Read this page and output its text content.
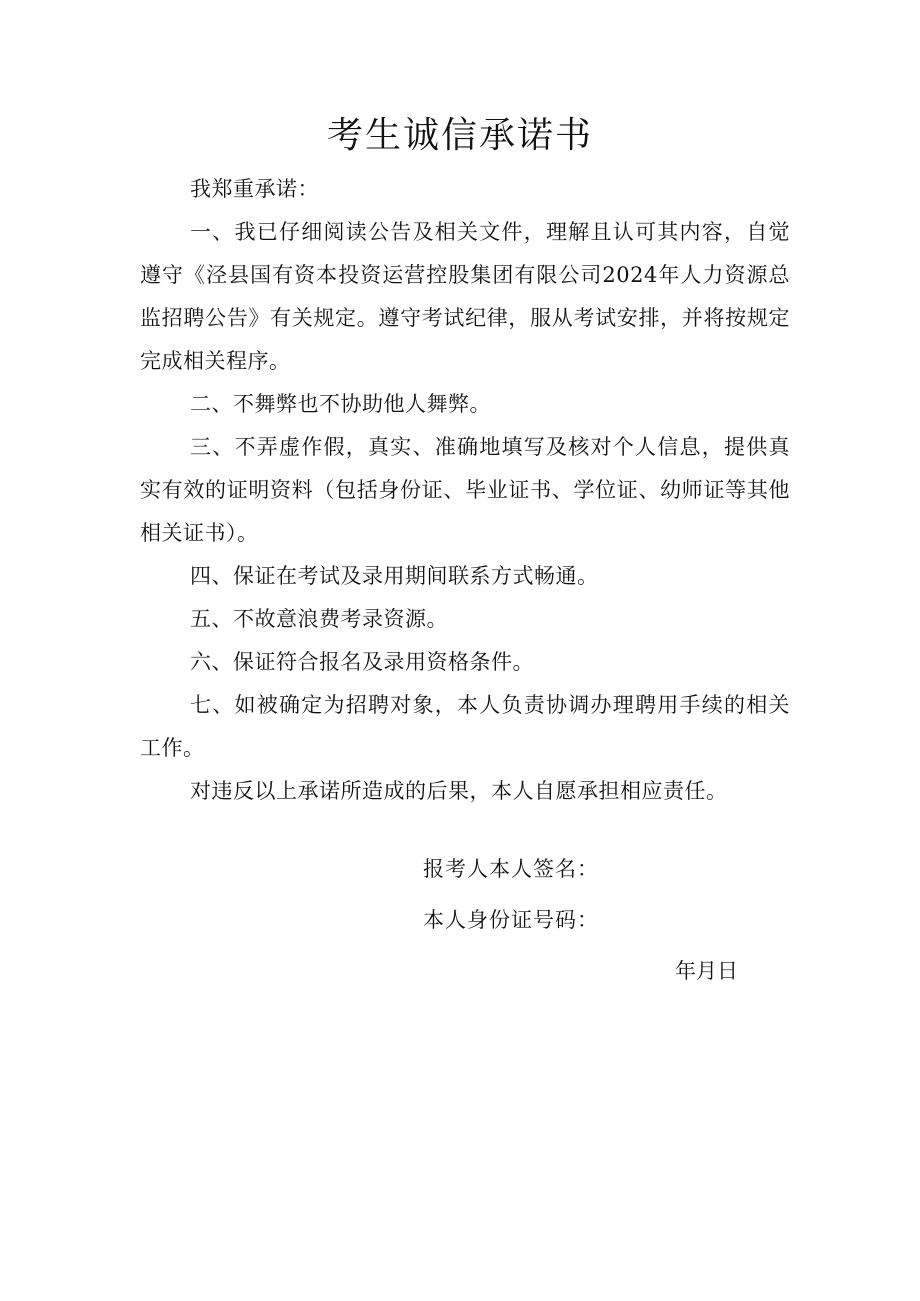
考生诚信承诺书

我郑重承诺：

一、我已仔细阅读公告及相关文件，理解且认可其内容，自觉遵守《泾县国有资本投资运营控股集团有限公司2024年人力资源总监招聘公告》有关规定。遵守考试纪律，服从考试安排，并将按规定完成相关程序。

二、不舞弊也不协助他人舞弊。

三、不弄虚作假，真实、准确地填写及核对个人信息，提供真实有效的证明资料（包括身份证、毕业证书、学位证、幼师证等其他相关证书）。

四、保证在考试及录用期间联系方式畅通。

五、不故意浪费考录资源。

六、保证符合报名及录用资格条件。

七、如被确定为招聘对象，本人负责协调办理聘用手续的相关工作。

对违反以上承诺所造成的后果，本人自愿承担相应责任。

报考人本人签名：

本人身份证号码：

年月日
